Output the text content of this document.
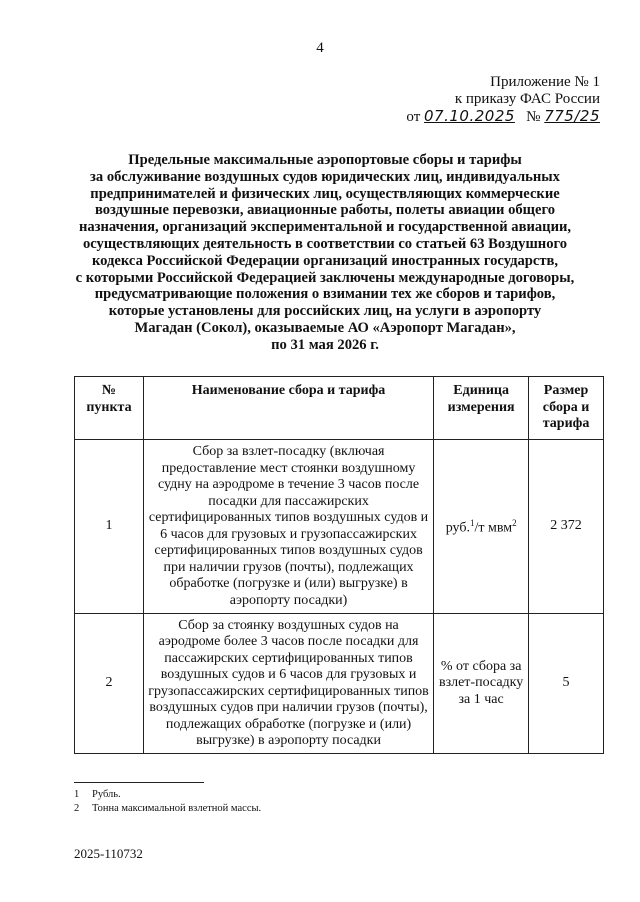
4
Приложение № 1
к приказу ФАС России
от 07.10.2025 № 775/25
Предельные максимальные аэропортовые сборы и тарифы
за обслуживание воздушных судов юридических лиц, индивидуальных
предпринимателей и физических лиц, осуществляющих коммерческие
воздушные перевозки, авиационные работы, полеты авиации общего
назначения, организаций экспериментальной и государственной авиации,
осуществляющих деятельность в соответствии со статьей 63 Воздушного
кодекса Российской Федерации организаций иностранных государств,
с которыми Российской Федерацией заключены международные договоры,
предусматривающие положения о взимании тех же сборов и тарифов,
которые установлены для российских лиц, на услуги в аэропорту
Магадан (Сокол), оказываемые АО «Аэропорт Магадан»,
по 31 мая 2026 г.
№ пункта	Наименование сбора и тарифа	Единица измерения	Размер сбора и тарифа
1	Сбор за взлет-посадку (включая предоставление мест стоянки воздушному судну на аэродроме в течение 3 часов после посадки для пассажирских сертифицированных типов воздушных судов и 6 часов для грузовых и грузопассажирских сертифицированных типов воздушных судов при наличии грузов (почты), подлежащих обработке (погрузке и (или) выгрузке) в аэропорту посадки)	руб.$^1$/т мвм$^2$	2 372
2	Сбор за стоянку воздушных судов на аэродроме более 3 часов после посадки для пассажирских сертифицированных типов воздушных судов и 6 часов для грузовых и грузопассажирских сертифицированных типов воздушных судов при наличии грузов (почты), подлежащих обработке (погрузке и (или) выгрузке) в аэропорту посадки	% от сбора за взлет-посадку за 1 час	5
1	Рубль.
2	Тонна максимальной взлетной массы.
2025-110732
